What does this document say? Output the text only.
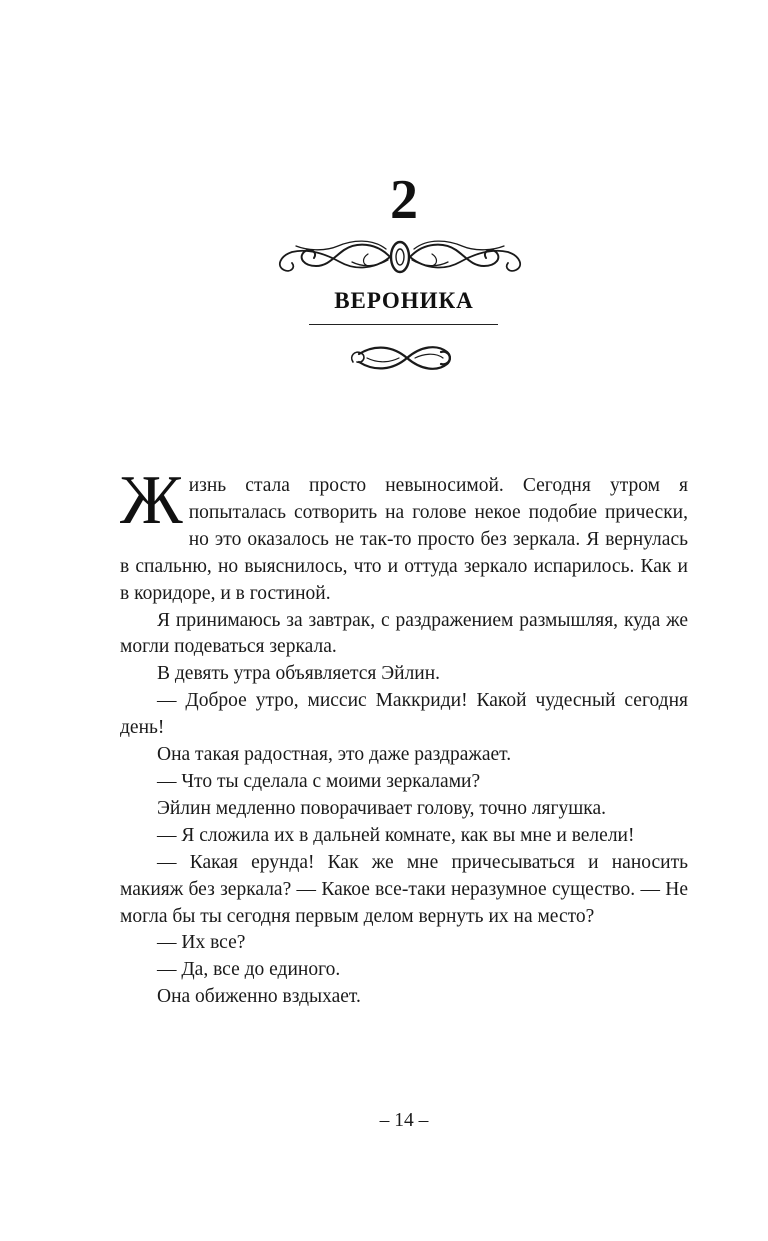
2
ВЕРОНИКА

Жизнь стала просто невыносимой. Сегодня утром я попыталась сотворить на голове некое подобие прически, но это оказалось не так-то просто без зеркала. Я вернулась в спальню, но выяснилось, что и оттуда зеркало испарилось. Как и в коридоре, и в гостиной.

Я принимаюсь за завтрак, с раздражением размышляя, куда же могли подеваться зеркала.

В девять утра объявляется Эйлин.

— Доброе утро, миссис Маккриди! Какой чудесный сегодня день!

Она такая радостная, это даже раздражает.

— Что ты сделала с моими зеркалами?

Эйлин медленно поворачивает голову, точно лягушка.

— Я сложила их в дальней комнате, как вы мне и велели!

— Какая ерунда! Как же мне причесываться и наносить макияж без зеркала? — Какое все-таки неразумное существо. — Не могла бы ты сегодня первым делом вернуть их на место?

— Их все?

— Да, все до единого.

Она обиженно вздыхает.

– 14 –
